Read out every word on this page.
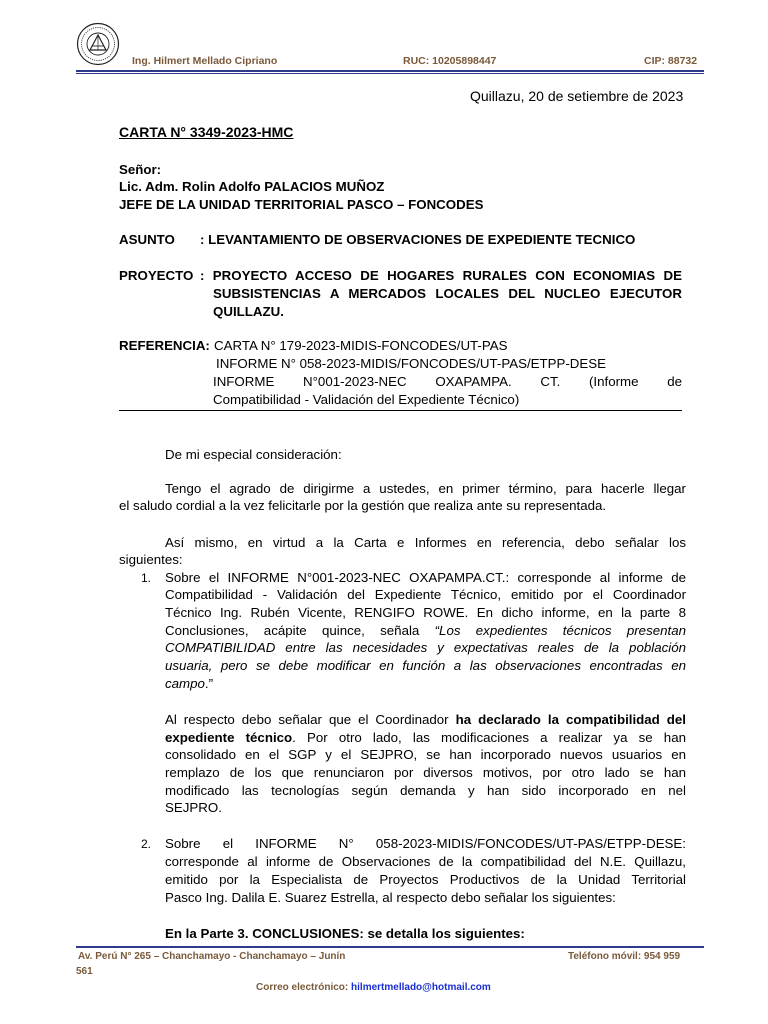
Ing. Hilmert Mellado Cipriano	RUC: 10205898447	CIP: 88732
Quillazu, 20 de setiembre de 2023
CARTA N° 3349-2023-HMC
Señor:
Lic. Adm. Rolin Adolfo PALACIOS MUÑOZ
JEFE DE LA UNIDAD TERRITORIAL PASCO – FONCODES
ASUNTO : LEVANTAMIENTO DE OBSERVACIONES DE EXPEDIENTE TECNICO
PROYECTO : PROYECTO ACCESO DE HOGARES RURALES CON ECONOMIAS DE
SUBSISTENCIAS A MERCADOS LOCALES DEL NUCLEO EJECUTOR
QUILLAZU.
REFERENCIA: CARTA N° 179-2023-MIDIS-FONCODES/UT-PAS
INFORME N° 058-2023-MIDIS/FONCODES/UT-PAS/ETPP-DESE
INFORME N°001-2023-NEC OXAPAMPA. CT. (Informe de
Compatibilidad - Validación del Expediente Técnico)
De mi especial consideración:
Tengo el agrado de dirigirme a ustedes, en primer término, para hacerle llegar
el saludo cordial a la vez felicitarle por la gestión que realiza ante su representada.
Así mismo, en virtud a la Carta e Informes en referencia, debo señalar los
siguientes:
1. Sobre el INFORME N°001-2023-NEC OXAPAMPA.CT.: corresponde al informe de
Compatibilidad - Validación del Expediente Técnico, emitido por el Coordinador
Técnico Ing. Rubén Vicente, RENGIFO ROWE. En dicho informe, en la parte 8
Conclusiones, acápite quince, señala “Los expedientes técnicos presentan
COMPATIBILIDAD entre las necesidades y expectativas reales de la población
usuaria, pero se debe modificar en función a las observaciones encontradas en
campo.”
Al respecto debo señalar que el Coordinador ha declarado la compatibilidad del
expediente técnico. Por otro lado, las modificaciones a realizar ya se han
consolidado en el SGP y el SEJPRO, se han incorporado nuevos usuarios en
remplazo de los que renunciaron por diversos motivos, por otro lado se han
modificado las tecnologías según demanda y han sido incorporado en nel
SEJPRO.
2. Sobre el INFORME N° 058-2023-MIDIS/FONCODES/UT-PAS/ETPP-DESE:
corresponde al informe de Observaciones de la compatibilidad del N.E. Quillazu,
emitido por la Especialista de Proyectos Productivos de la Unidad Territorial
Pasco Ing. Dalila E. Suarez Estrella, al respecto debo señalar los siguientes:
En la Parte 3. CONCLUSIONES: se detalla los siguientes:
Av. Perú N° 265 – Chanchamayo - Chanchamayo – Junín	Teléfono móvil: 954 959
561
Correo electrónico: hilmertmellado@hotmail.com
